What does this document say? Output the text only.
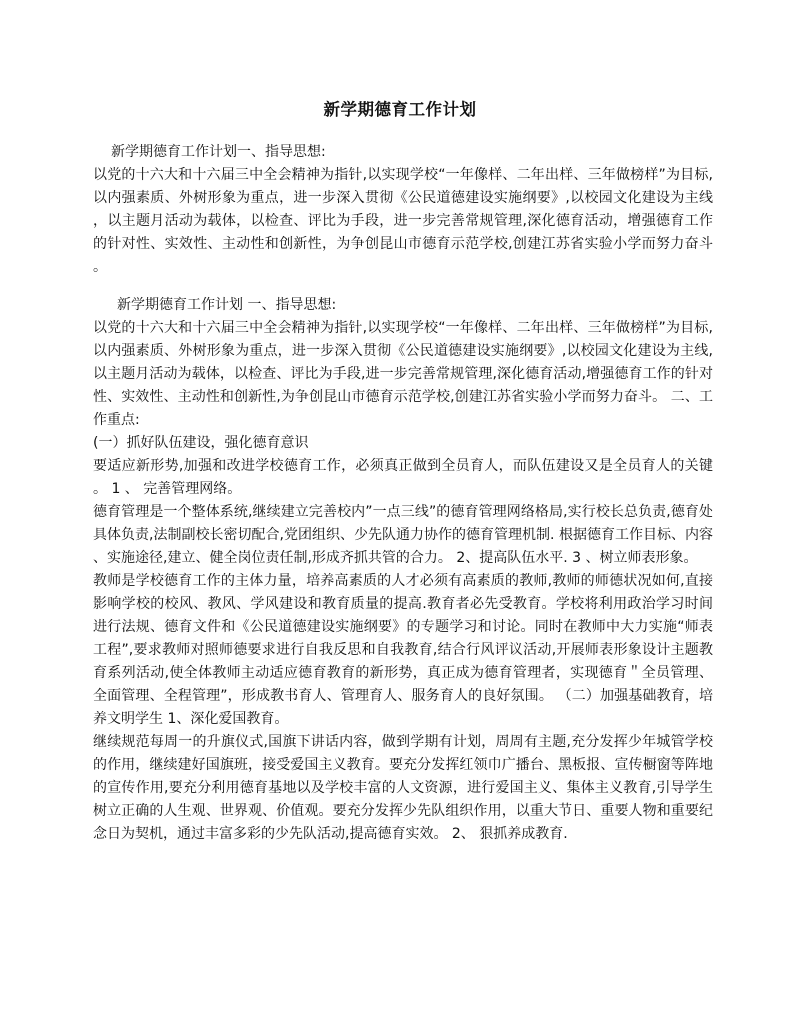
新学期德育工作计划

新学期德育工作计划一、指导思想:

以党的十六大和十六届三中全会精神为指针,以实现学校“一年像样、二年出样、三年做榜样”为目标,以内强素质、外树形象为重点，进一步深入贯彻《公民道德建设实施纲要》,以校园文化建设为主线，以主题月活动为载体，以检查、评比为手段，进一步完善常规管理,深化德育活动，增强德育工作的针对性、实效性、主动性和创新性，为争创昆山市德育示范学校,创建江苏省实验小学而努力奋斗。

新学期德育工作计划 一、指导思想:

以党的十六大和十六届三中全会精神为指针,以实现学校“一年像样、二年出样、三年做榜样”为目标,以内强素质、外树形象为重点，进一步深入贯彻《公民道德建设实施纲要》,以校园文化建设为主线,以主题月活动为载体，以检查、评比为手段,进一步完善常规管理,深化德育活动,增强德育工作的针对性、实效性、主动性和创新性,为争创昆山市德育示范学校,创建江苏省实验小学而努力奋斗。 二、工作重点:

(一）抓好队伍建设，强化德育意识

要适应新形势,加强和改进学校德育工作，必须真正做到全员育人，而队伍建设又是全员育人的关键。 1 、 完善管理网络。

德育管理是一个整体系统,继续建立完善校内”一点三线”的德育管理网络格局,实行校长总负责,德育处具体负责,法制副校长密切配合,党团组织、少先队通力协作的德育管理机制. 根据德育工作目标、内容、实施途径,建立、健全岗位责任制,形成齐抓共管的合力。 2、提高队伍水平. 3 、树立师表形象。

教师是学校德育工作的主体力量，培养高素质的人才必须有高素质的教师,教师的师德状况如何,直接影响学校的校风、教风、学风建设和教育质量的提高.教育者必先受教育。学校将利用政治学习时间进行法规、德育文件和《公民道德建设实施纲要》的专题学习和讨论。同时在教师中大力实施“师表工程”,要求教师对照师德要求进行自我反思和自我教育,结合行风评议活动,开展师表形象设计主题教育系列活动,使全体教师主动适应德育教育的新形势，真正成为德育管理者，实现德育＂全员管理、全面管理、全程管理”，形成教书育人、管理育人、服务育人的良好氛围。 （二）加强基础教育，培养文明学生 1、深化爱国教育。

继续规范每周一的升旗仪式,国旗下讲话内容，做到学期有计划，周周有主题,充分发挥少年城管学校的作用，继续建好国旗班，接受爱国主义教育。要充分发挥红领巾广播台、黑板报、宣传橱窗等阵地的宣传作用,要充分利用德育基地以及学校丰富的人文资源，进行爱国主义、集体主义教育,引导学生树立正确的人生观、世界观、价值观。要充分发挥少先队组织作用，以重大节日、重要人物和重要纪念日为契机，通过丰富多彩的少先队活动,提高德育实效。 2、 狠抓养成教育.
